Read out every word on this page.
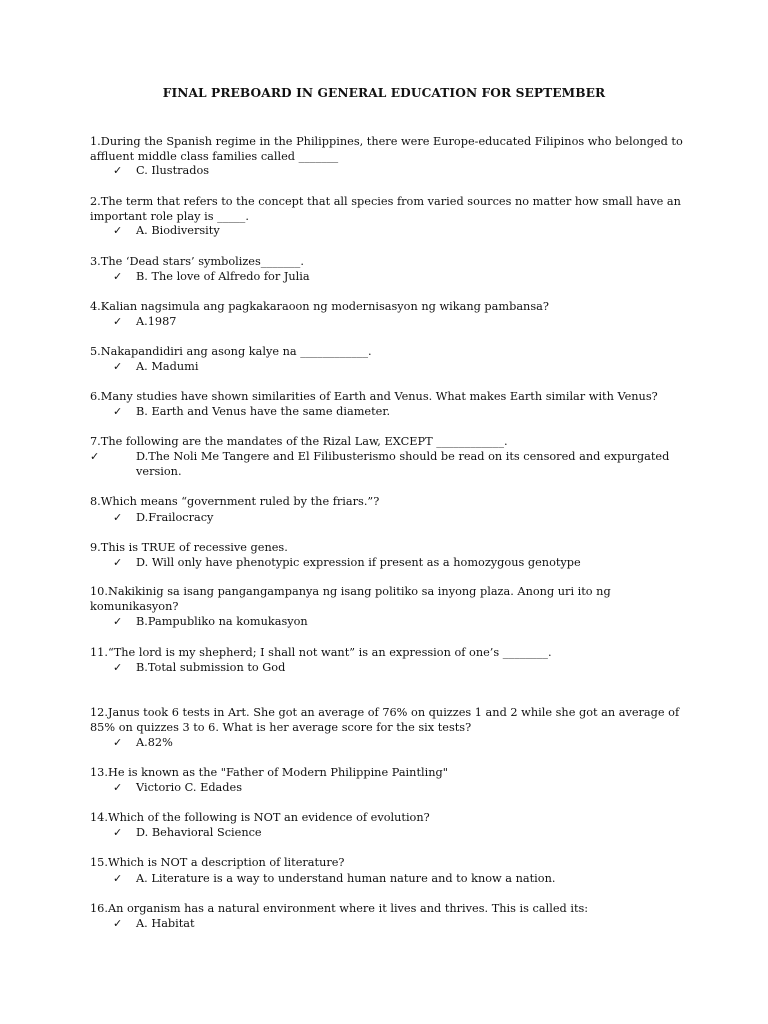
FINAL PREBOARD IN GENERAL EDUCATION FOR SEPTEMBER
1.During the Spanish regime in the Philippines, there were Europe-educated Filipinos who belonged to affluent middle class families called _______
✓ C. Ilustrados
2.The term that refers to the concept that all species from varied sources no matter how small have an important role play is _____.
✓ A. Biodiversity
3.The ‘Dead stars’ symbolizes_______.
✓ B. The love of Alfredo for Julia
4.Kalian nagsimula ang pagkakaraoon ng modernisasyon ng wikang pambansa?
✓ A.1987
5.Nakapandidiri ang asong kalye na ____________.
✓ A. Madumi
6.Many studies have shown similarities of Earth and Venus. What makes Earth similar with Venus?
✓ B. Earth and Venus have the same diameter.
7.The following are the mandates of the Rizal Law, EXCEPT ____________.
✓	D.The Noli Me Tangere and El Filibusterismo should be read on its censored and expurgated version.
8.Which means “government ruled by the friars.”?
✓ D.Frailocracy
9.This is TRUE of recessive genes.
✓ D. Will only have phenotypic expression if present as a homozygous genotype
10.Nakikinig sa isang pangangampanya ng isang politiko sa inyong plaza. Anong uri ito ng komunikasyon?
✓ B.Pampubliko na komukasyon
11.“The lord is my shepherd; I shall not want” is an expression of one’s ________.
✓ B.Total submission to God
12.Janus took 6 tests in Art. She got an average of 76% on quizzes 1 and 2 while she got an average of 85% on quizzes 3 to 6. What is her average score for the six tests?
✓ A.82%
13.He is known as the "Father of Modern Philippine Paintling"
✓ Victorio C. Edades
14.Which of the following is NOT an evidence of evolution?
✓ D. Behavioral Science
15.Which is NOT a description of literature?
✓ A. Literature is a way to understand human nature and to know a nation.
16.An organism has a natural environment where it lives and thrives. This is called its:
✓ A. Habitat
